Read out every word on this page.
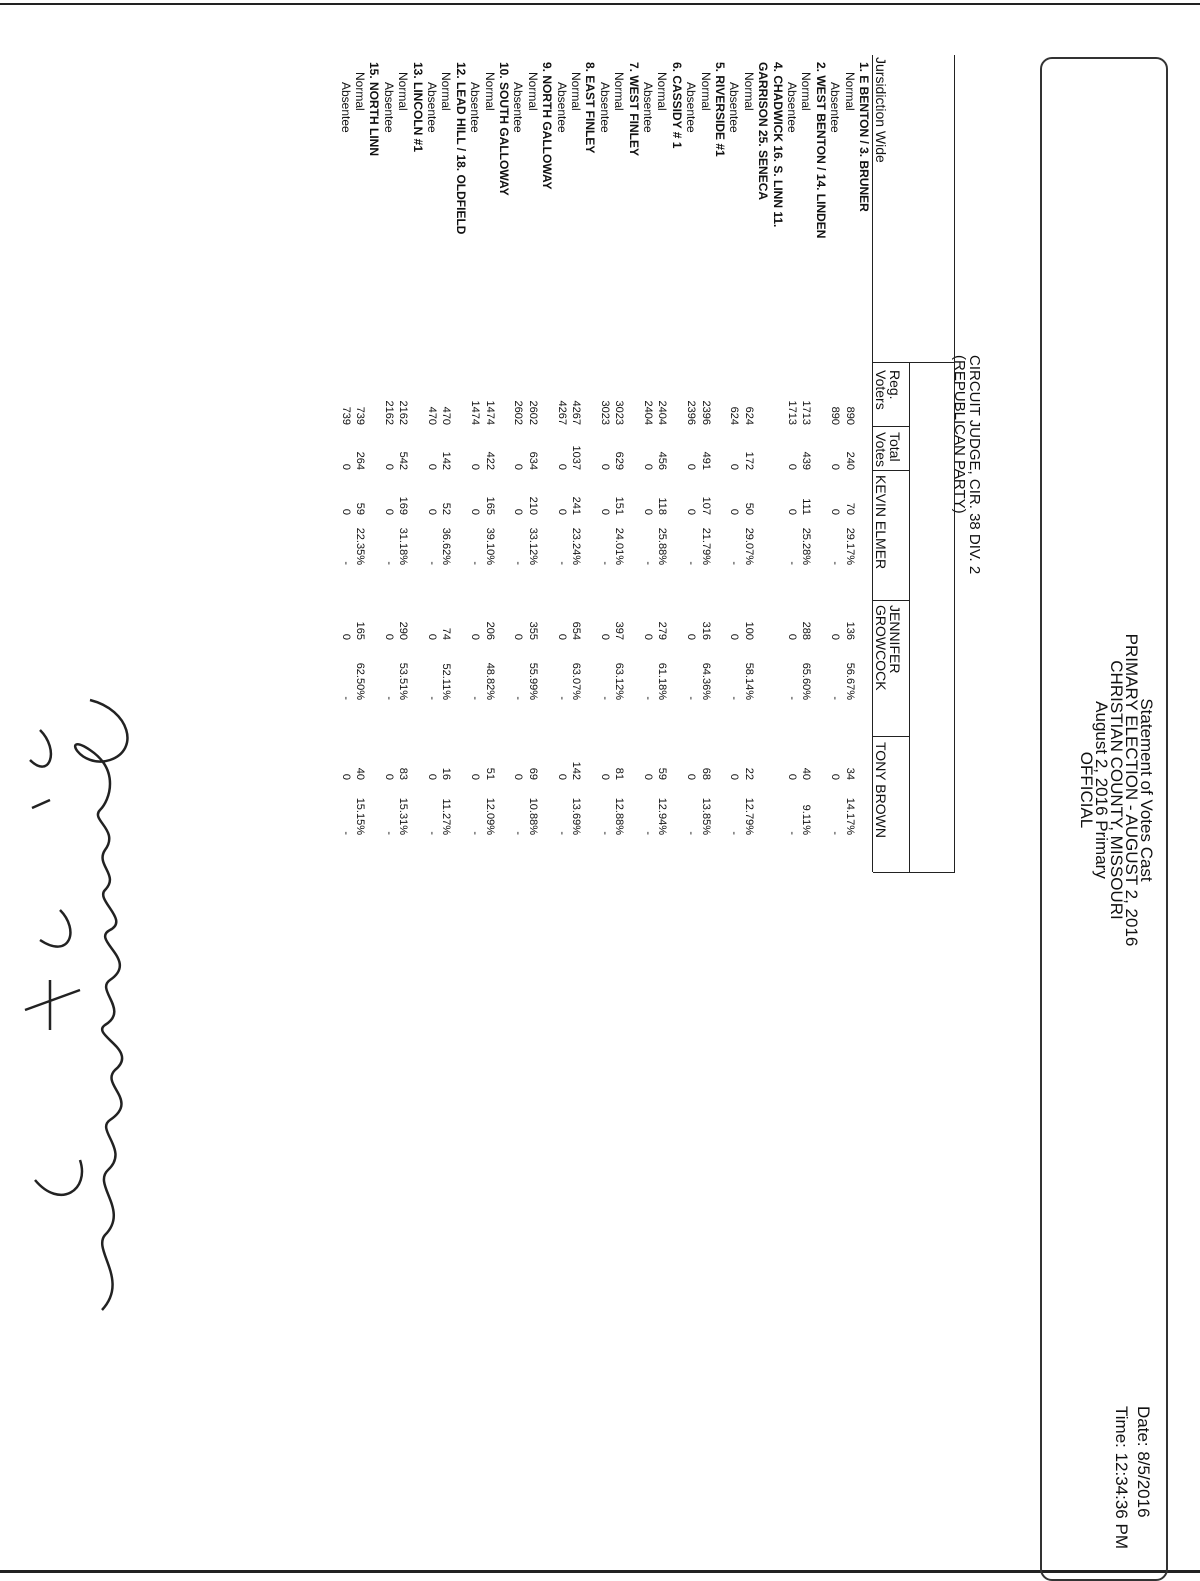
Statement of Votes Cast
PRIMARY ELECTION - AUGUST 2, 2016
CHRISTIAN COUNTY, MISSOURI
August 2, 2016 Primary
OFFICIAL
Date: 8/5/2016
Time: 12:34:36 PM
CIRCUIT JUDGE, CIR. 38 DIV. 2
(REPUBLICAN PARTY)
Jursidiction Wide
Reg.
Voters
Total
Votes
KEVIN ELMER
JENNIFER
GROWCOCK
TONY BROWN
1. E BENTON / 3. BRUNER
Normal
890
240
70
29.17%
136
56.67%
34
14.17%
Absentee
890
0
0
-
0
-
0
-
2. WEST BENTON / 14. LINDEN
Normal
1713
439
111
25.28%
288
65.60%
40
9.11%
Absentee
1713
0
0
-
0
-
0
-
4. CHADWICK 16. S. LINN 11.
GARRISON 25. SENECA
Normal
624
172
50
29.07%
100
58.14%
22
12.79%
Absentee
624
0
0
-
0
-
0
-
5. RIVERSIDE #1
Normal
2396
491
107
21.79%
316
64.36%
68
13.85%
Absentee
2396
0
0
-
0
-
0
-
6. CASSIDY # 1
Normal
2404
456
118
25.88%
279
61.18%
59
12.94%
Absentee
2404
0
0
-
0
-
0
-
7. WEST FINLEY
Normal
3023
629
151
24.01%
397
63.12%
81
12.88%
Absentee
3023
0
0
-
0
-
0
-
8. EAST FINLEY
Normal
4267
1037
241
23.24%
654
63.07%
142
13.69%
Absentee
4267
0
0
-
0
-
0
-
9. NORTH GALLOWAY
Normal
2602
634
210
33.12%
355
55.99%
69
10.88%
Absentee
2602
0
0
-
0
-
0
-
10. SOUTH GALLOWAY
Normal
1474
422
165
39.10%
206
48.82%
51
12.09%
Absentee
1474
0
0
-
0
-
0
-
12. LEAD HILL / 18. OLDFIELD
Normal
470
142
52
36.62%
74
52.11%
16
11.27%
Absentee
470
0
0
-
0
-
0
-
13. LINCOLN #1
Normal
2162
542
169
31.18%
290
53.51%
83
15.31%
Absentee
2162
0
0
-
0
-
0
-
15. NORTH LINN
Normal
739
264
59
22.35%
165
62.50%
40
15.15%
Absentee
739
0
0
-
0
-
0
-
